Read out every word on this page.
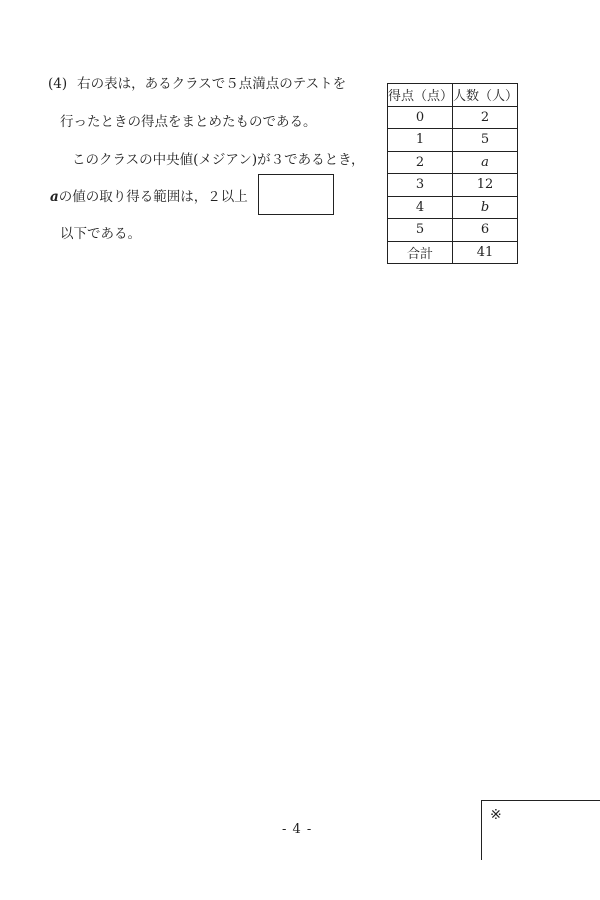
(4) 右の表は，あるクラスで５点満点のテストを
行ったときの得点をまとめたものである。
このクラスの中央値(メジアン)が３であるとき，
aの値の取り得る範囲は，２以上
以下である。
得点（点）	人数（人）
0	2
1	5
2	a
3	12
4	b
5	6
合計	41
- 4 -
※
